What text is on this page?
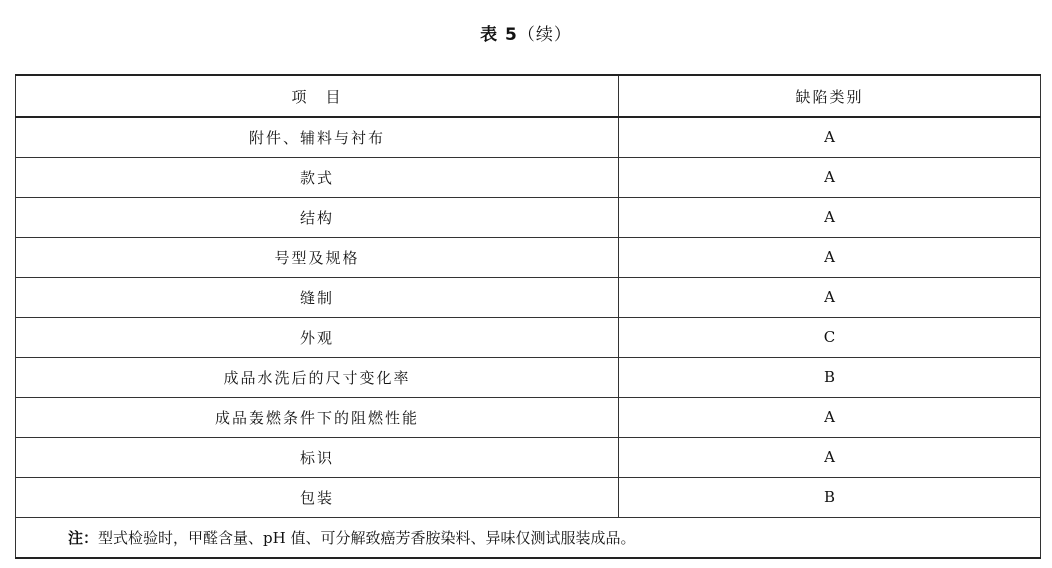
表 5（续）
项　目	缺陷类别
附件、辅料与衬布	A
款式	A
结构	A
号型及规格	A
缝制	A
外观	C
成品水洗后的尺寸变化率	B
成品轰燃条件下的阻燃性能	A
标识	A
包装	B
注：型式检验时，甲醛含量、pH 值、可分解致癌芳香胺染料、异味仅测试服装成品。	
